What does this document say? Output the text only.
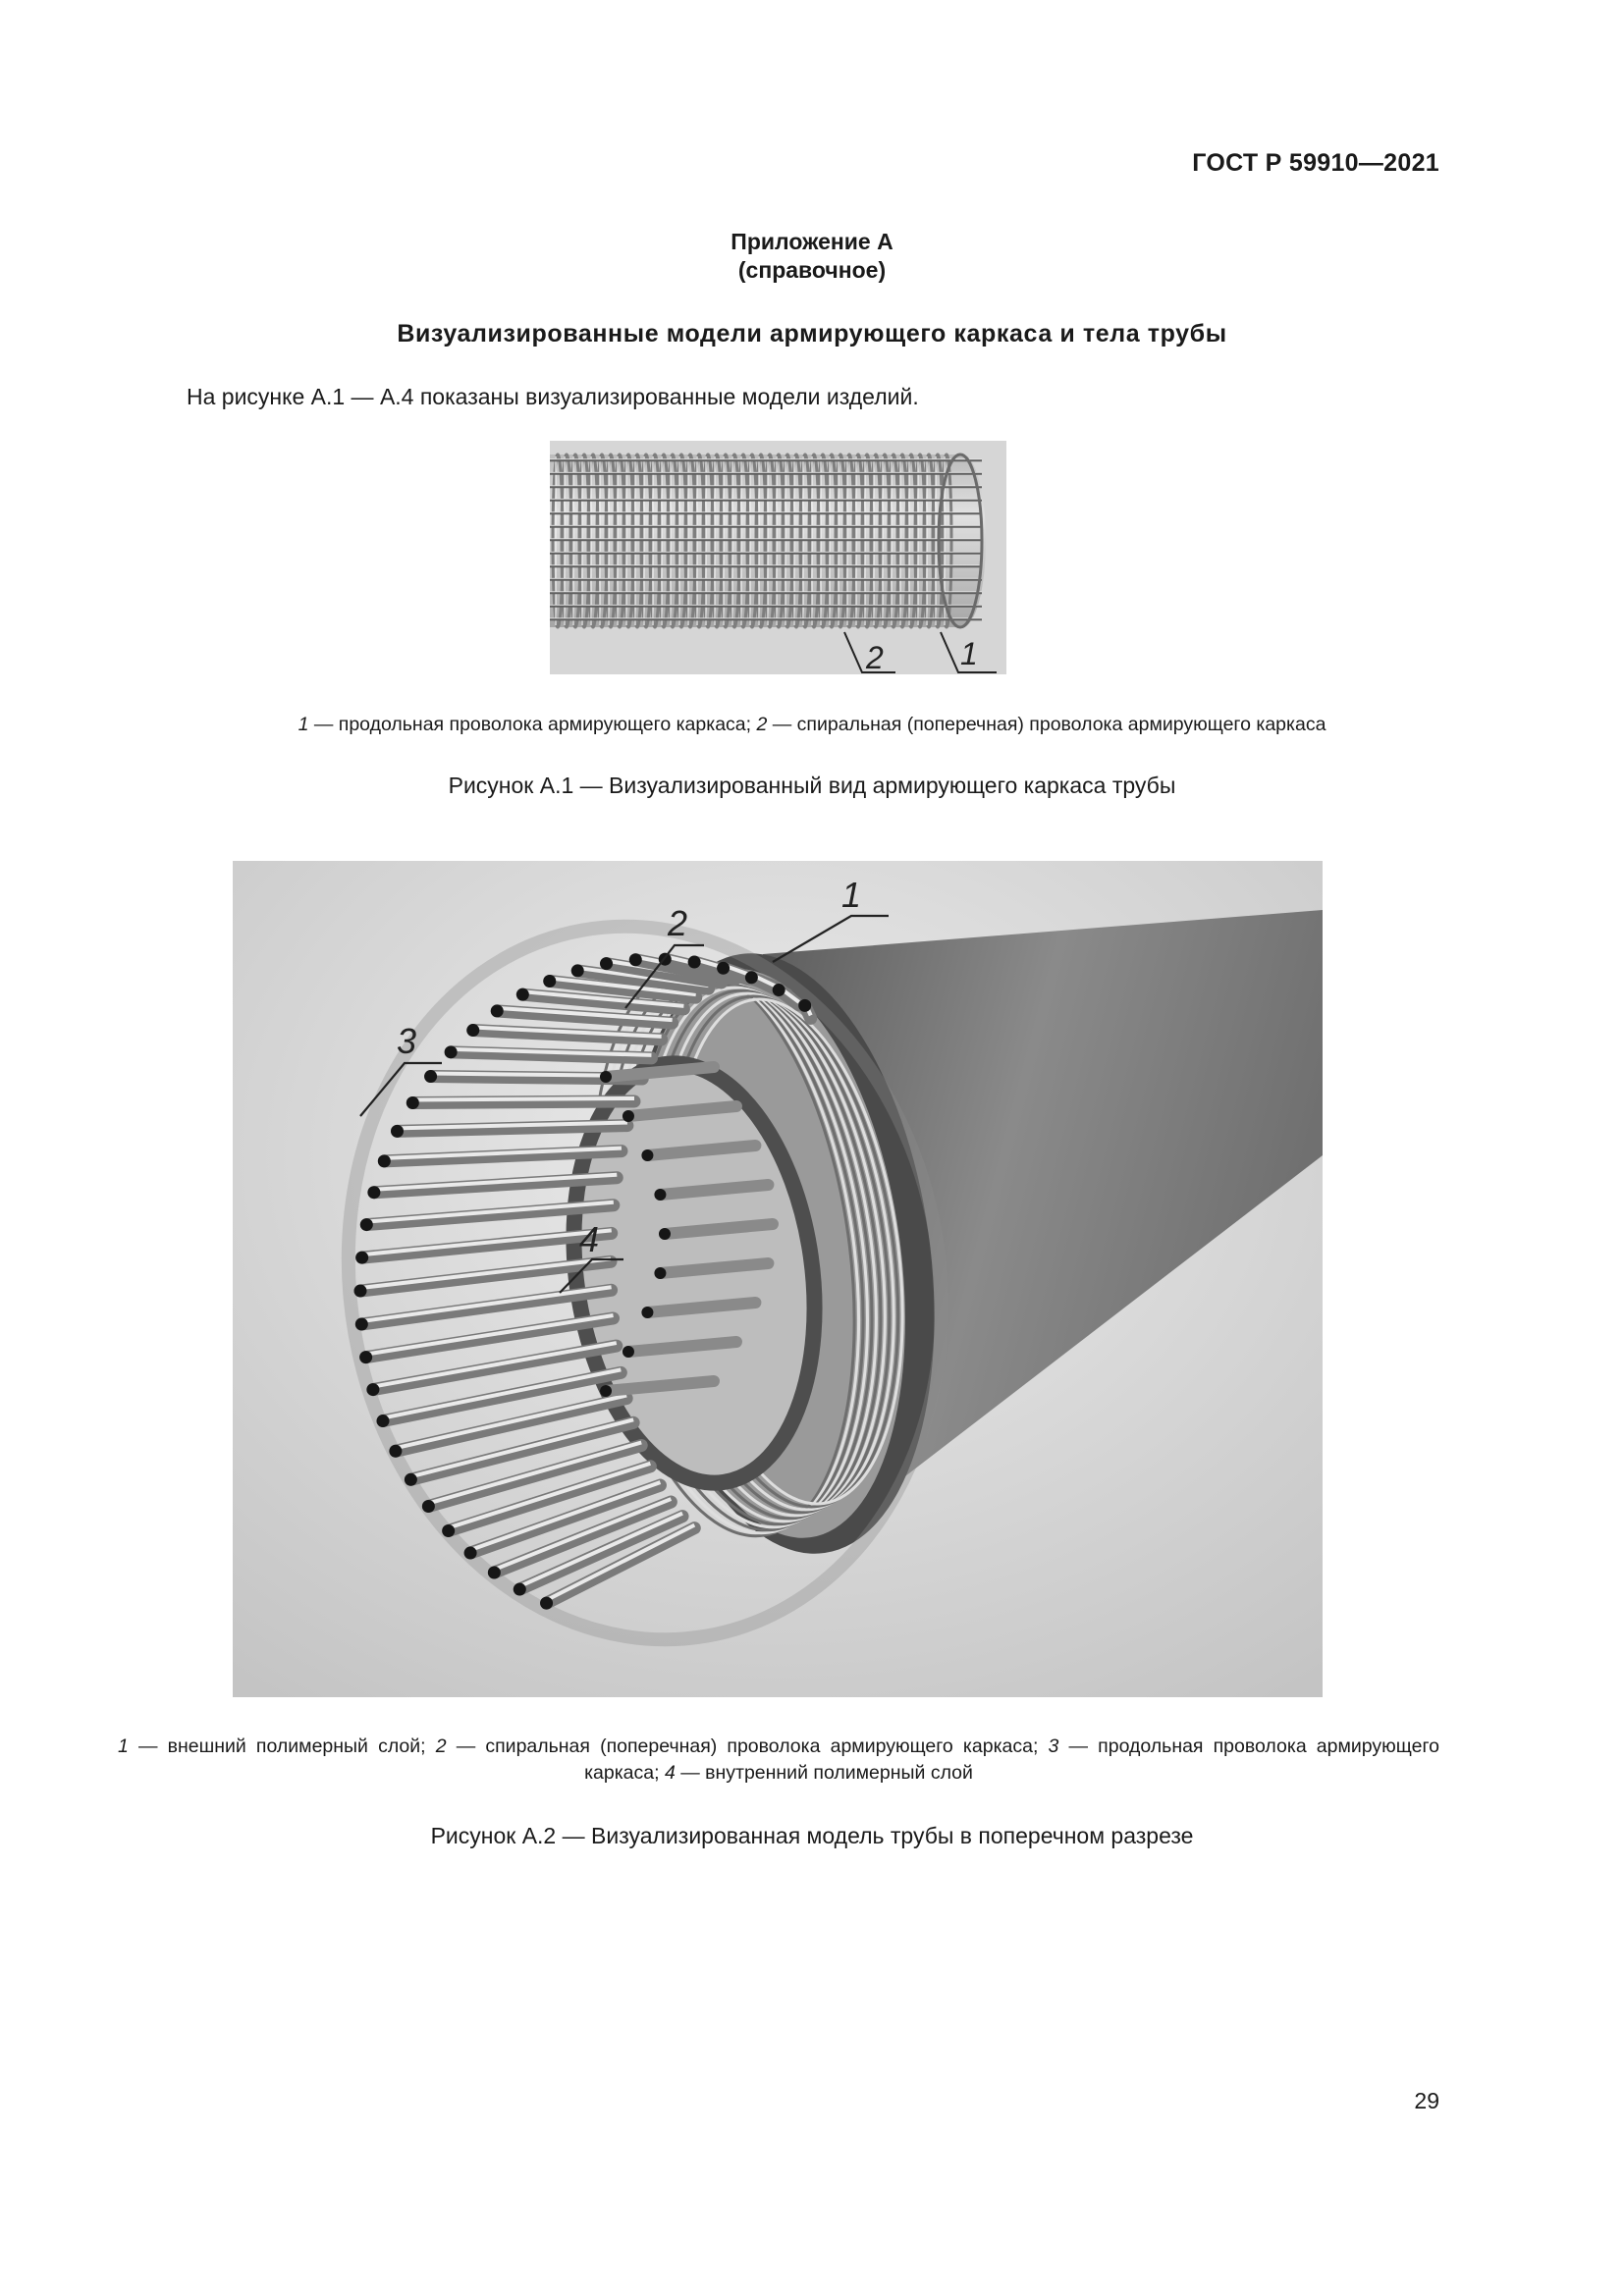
ГОСТ Р 59910—2021
Приложение А
(справочное)
Визуализированные модели армирующего каркаса и тела трубы
На рисунке А.1 — А.4 показаны визуализированные модели изделий.
2 1
1 — продольная проволока армирующего каркаса; 2 — спиральная (поперечная) проволока армирующего каркаса
Рисунок А.1 — Визуализированный вид армирующего каркаса трубы
1
2
3
4
1 — внешний полимерный слой; 2 — спиральная (поперечная) проволока армирующего каркаса; 3 — продольная проволока армирующего каркаса; 4 — внутренний полимерный слой
Рисунок А.2 — Визуализированная модель трубы в поперечном разрезе
29
